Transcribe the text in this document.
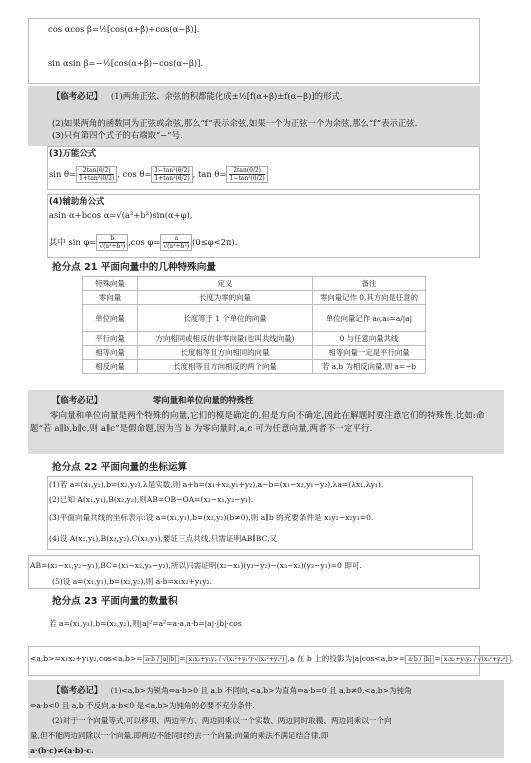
cos αcos β=½[cos(α+β)+cos(α−β)].
sin αsin β=−½[cos(α+β)−cos(α−β)].
【临考必记】 (1)两角正弦、余弦的积都能化成±½[f(α+β)±f(α−β)]的形式.
(2)如果两角的函数同为正弦或余弦,那么“f”表示余弦,如果一个为正弦一个为余弦,那么“f”表示正弦.
(3)只有第四个式子的右端取“−”号.
(3)万能公式
$\sin \theta= \frac{2\tan(\theta/2)}{\text{1+tan²(θ/2)}}$ , $\cos \theta= \frac{\text{1−tan²(θ/2)}}{\text{1+tan²(θ/2)}}$ , $\tan \theta= \frac{2\tan(\theta/2)}{\text{1−tan²(θ/2)}}$
(4)辅助角公式
asin α+bcos α=√(a²+b²)sin(α+φ),
其中 $\sin \varphi= \frac{b}{\text{√(a²+b²)}} ,\cos$ $\varphi= \frac{a}{\text{√(a²+b²)}} (0\le\varphi<2\pi)$.
抢分点 21 平面向量中的几种特殊向量
特殊向量	定义	备注
零向量	长度为零的向量	零向量记作 0,其方向是任意的
单位向量	长度等于 1 个单位的向量	单位向量记作 a₀,a₀=a/|a|
平行向量	方向相同或相反的非零向量(也叫共线向量)	0 与任意向量共线
相等向量	长度相等且方向相同的向量	相等向量一定是平行向量
相反向量	长度相等且方向相反的两个向量	若 a,b 为相反向量,则 a=−b
【临考必记】	零向量和单位向量的特殊性
零向量和单位向量是两个特殊的向量,它们的模是确定的,但是方向不确定,因此在解题时要注意它们的特殊性.比如:命题“若 a∥b,b∥c,则 a∥c”是假命题,因为当 b 为零向量时,a,c 可为任意向量,两者不一定平行.
抢分点 22 平面向量的坐标运算
(1)若 a=(x₁,y₁),b=(x₂,y₂),λ是实数,则 a+b=(x₁+x₂,y₁+y₂),a−b=(x₁−x₂,y₁−y₂),λa=(λx₁,λy₁).
(2)已知 A(x₁,y₁),B(x₂,y₂),则AB=OB−OA=(x₂−x₁,y₂−y₁).
(3)平面向量共线的坐标表示:设 a=(x₁,y₁),b=(x₂,y₂)(b≠0),则 a∥b 的充要条件是 x₁y₂−x₂y₁=0.
(4)设 A(x₁,y₁),B(x₂,y₂),C(x₃,y₃),要证三点共线,只需证明AB∥BC,又
AB=(x₂−x₁,y₂−y₁),BC=(x₃−x₂,y₃−y₂),所以只需证明(x₂−x₁)(y₃−y₂)−(x₃−x₂)(y₂−y₁)=0 即可.
(5)设 a=(x₁,y₁),b=(x₂,y₂),则 a·b=x₁x₂+y₁y₂.
抢分点 23 平面向量的数量积
若 a=(x₁,y₁),b=(x₂,y₂),则|a|²=a²=a·a,a·b=|a|·|b|·cos
<a,b>=x₁x₂+y₁y₂,cos<a,b>= a·b / |a||b| = x₁x₂+y₁y₂ / √(x₁²+y₁²)·√(x₂²+y₂²) ,a 在 b 上的投影为|a|cos<a,b>= a·b / |b| = x₁x₂+y₁y₂ / √(x₂²+y₂²) .
【临考必记】 (1)<a,b>为锐角⇔a·b>0 且 a,b 不同向,<a,b>为直角⇔a·b=0 且 a,b≠0,<a,b>为钝角
⇔a·b<0 且 a,b 不反向,a·b<0 是<a,b>为钝角的必要不充分条件.
(2)对于一个向量等式,可以移项、两边平方、两边同乘以一个实数、两边同时取模、两边同乘以一个向
量,但不能两边同除以一个向量,即两边不能同时约去一个向量;向量的乘法不满足结合律,即
a·(b·c)≠(a·b)·c.
